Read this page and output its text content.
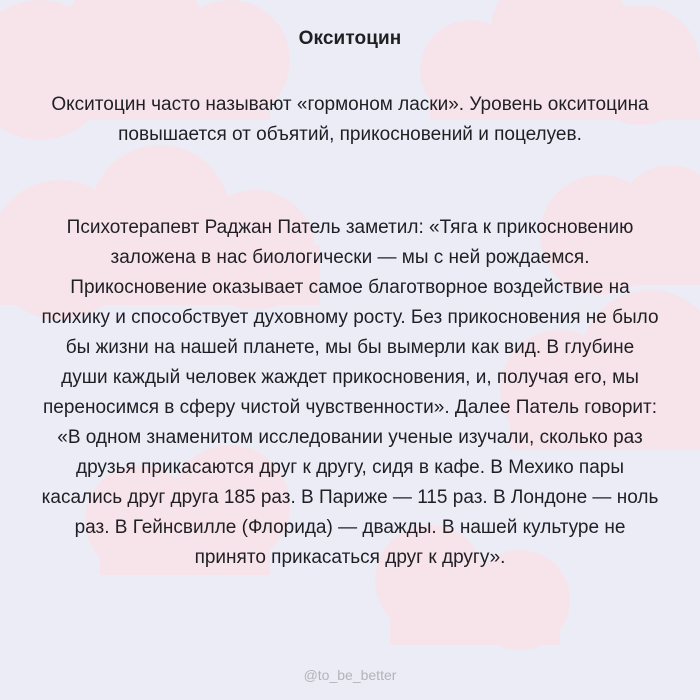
Окситоцин

Окситоцин часто называют «гормоном ласки». Уровень окситоцина повышается от объятий, прикосновений и поцелуев.

Психотерапевт Раджан Патель заметил: «Тяга к прикосновению заложена в нас биологически — мы с ней рождаемся. Прикосновение оказывает самое благотворное воздействие на психику и способствует духовному росту. Без прикосновения не было бы жизни на нашей планете, мы бы вымерли как вид. В глубине души каждый человек жаждет прикосновения, и, получая его, мы переносимся в сферу чистой чувственности». Далее Патель говорит: «В одном знаменитом исследовании ученые изучали, сколько раз друзья прикасаются друг к другу, сидя в кафе. В Мехико пары касались друг друга 185 раз. В Париже — 115 раз. В Лондоне — ноль раз. В Гейнсвилле (Флорида) — дважды. В нашей культуре не принято прикасаться друг к другу».

@to_be_better
